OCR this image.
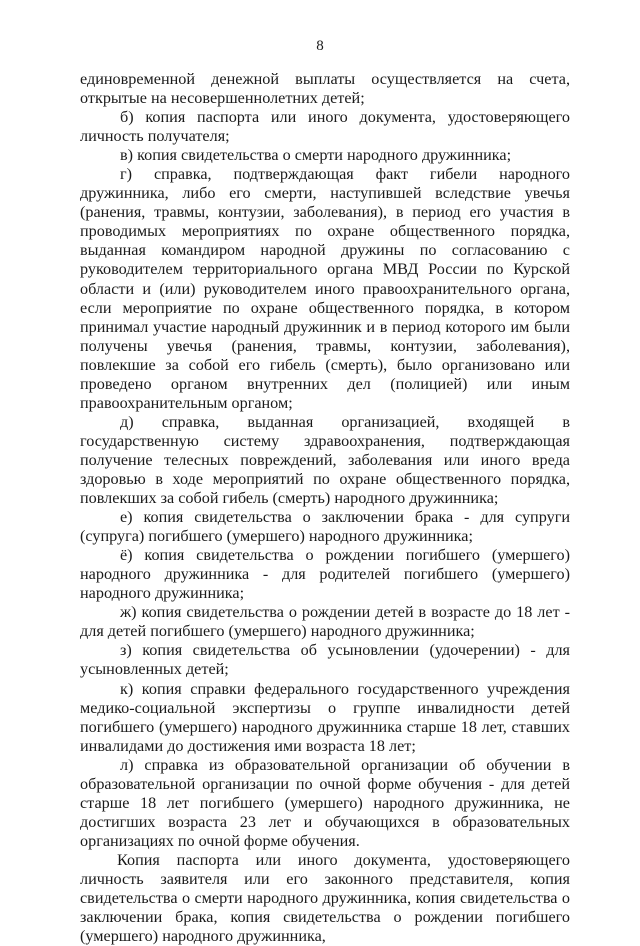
8

единовременной денежной выплаты осуществляется на счета, открытые на несовершеннолетних детей;

б) копия паспорта или иного документа, удостоверяющего личность получателя;

в) копия свидетельства о смерти народного дружинника;

г) справка, подтверждающая факт гибели народного дружинника, либо его смерти, наступившей вследствие увечья (ранения, травмы, контузии, заболевания), в период его участия в проводимых мероприятиях по охране общественного порядка, выданная командиром народной дружины по согласованию с руководителем территориального органа МВД России по Курской области и (или) руководителем иного правоохранительного органа, если мероприятие по охране общественного порядка, в котором принимал участие народный дружинник и в период которого им были получены увечья (ранения, травмы, контузии, заболевания), повлекшие за собой его гибель (смерть), было организовано или проведено органом внутренних дел (полицией) или иным правоохранительным органом;

д) справка, выданная организацией, входящей в государственную систему здравоохранения, подтверждающая получение телесных повреждений, заболевания или иного вреда здоровью в ходе мероприятий по охране общественного порядка, повлекших за собой гибель (смерть) народного дружинника;

е) копия свидетельства о заключении брака - для супруги (супруга) погибшего (умершего) народного дружинника;

ё) копия свидетельства о рождении погибшего (умершего) народного дружинника - для родителей погибшего (умершего) народного дружинника;

ж) копия свидетельства о рождении детей в возрасте до 18 лет - для детей погибшего (умершего) народного дружинника;

з) копия свидетельства об усыновлении (удочерении) - для усыновленных детей;

к) копия справки федерального государственного учреждения медико-социальной экспертизы о группе инвалидности детей погибшего (умершего) народного дружинника старше 18 лет, ставших инвалидами до достижения ими возраста 18 лет;

л) справка из образовательной организации об обучении в образовательной организации по очной форме обучения - для детей старше 18 лет погибшего (умершего) народного дружинника, не достигших возраста 23 лет и обучающихся в образовательных организациях по очной форме обучения.

Копия паспорта или иного документа, удостоверяющего личность заявителя или его законного представителя, копия свидетельства о смерти народного дружинника, копия свидетельства о заключении брака, копия свидетельства о рождении погибшего (умершего) народного дружинника,
